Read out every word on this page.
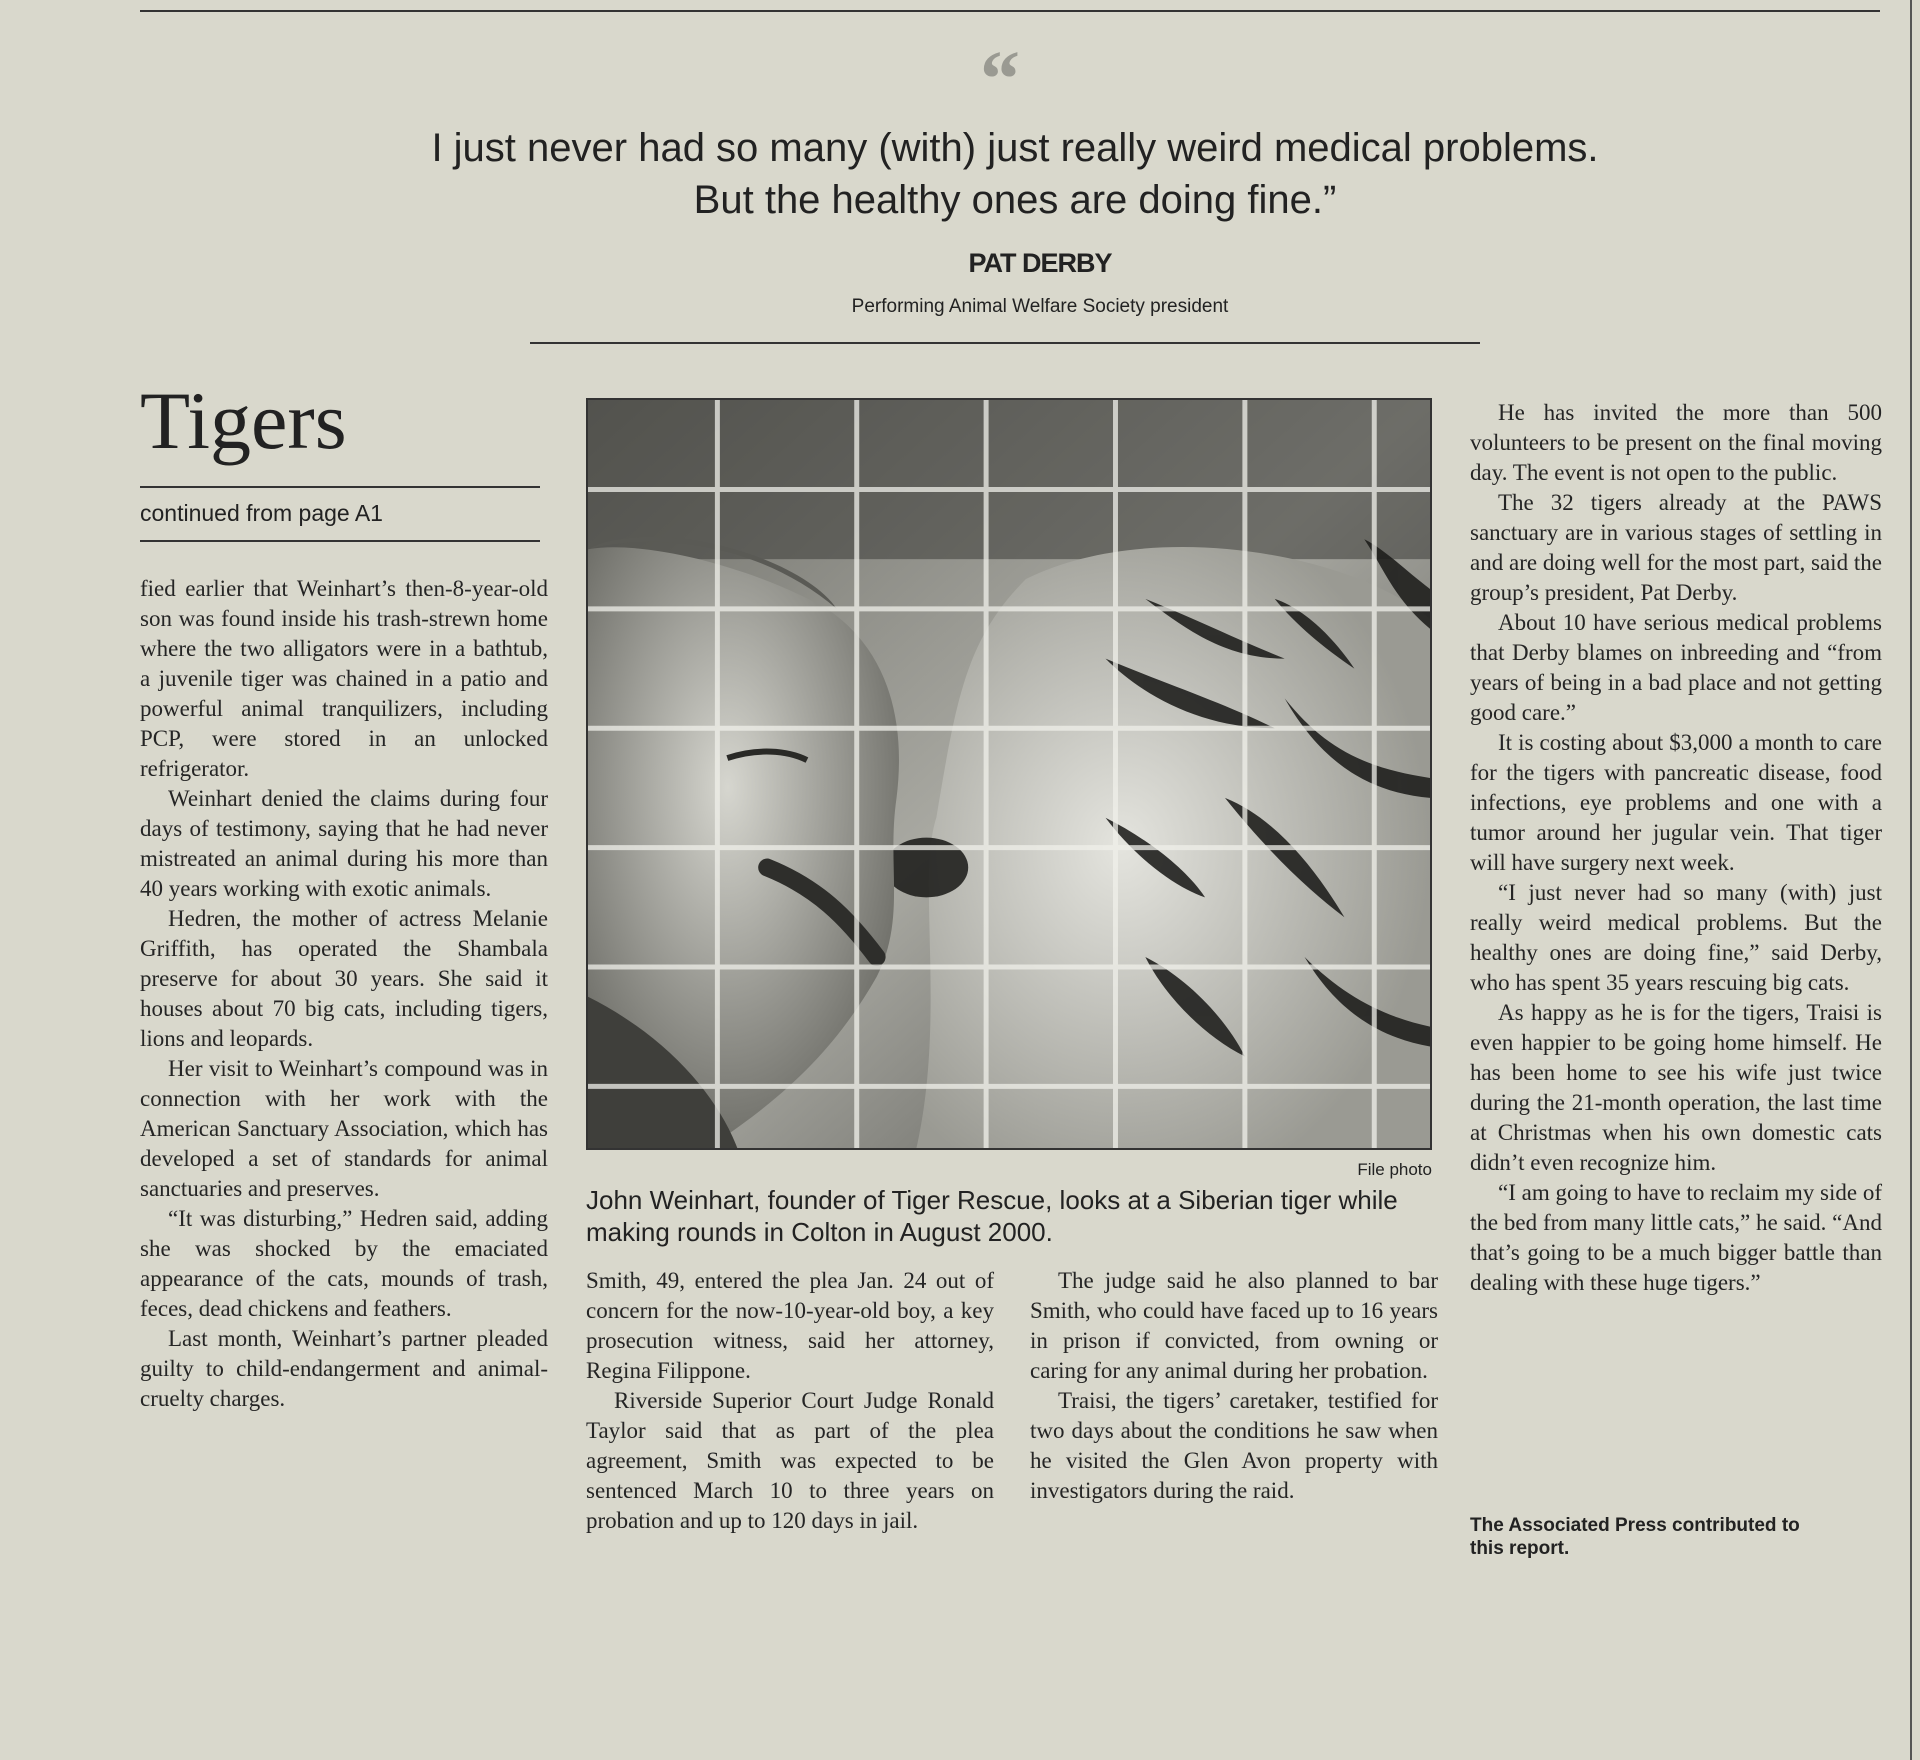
“
I just never had so many (with) just really weird medical problems.
But the healthy ones are doing fine.”
PAT DERBY
Performing Animal Welfare Society president
Tigers
continued from page A1

fied earlier that Weinhart’s then-8-year-old son was found inside his trash-strewn home where the two alligators were in a bathtub, a juvenile tiger was chained in a patio and powerful animal tranquilizers, including PCP, were stored in an unlocked refrigerator.

Weinhart denied the claims during four days of testimony, saying that he had never mistreated an animal during his more than 40 years working with exotic animals.

Hedren, the mother of actress Melanie Griffith, has operated the Shambala preserve for about 30 years. She said it houses about 70 big cats, including tigers, lions and leopards.

Her visit to Weinhart’s compound was in connection with her work with the American Sanctuary Association, which has developed a set of standards for animal sanctuaries and preserves.

“It was disturbing,” Hedren said, adding she was shocked by the emaciated appearance of the cats, mounds of trash, feces, dead chickens and feathers.

Last month, Weinhart’s partner pleaded guilty to child-endangerment and animal-cruelty charges.

File photo
John Weinhart, founder of Tiger Rescue, looks at a Siberian tiger while making rounds in Colton in August 2000.

Smith, 49, entered the plea Jan. 24 out of concern for the now-10-year-old boy, a key prosecution witness, said her attorney, Regina Filippone.

Riverside Superior Court Judge Ronald Taylor said that as part of the plea agreement, Smith was expected to be sentenced March 10 to three years on probation and up to 120 days in jail.

The judge said he also planned to bar Smith, who could have faced up to 16 years in prison if convicted, from owning or caring for any animal during her probation.

Traisi, the tigers’ caretaker, testified for two days about the conditions he saw when he visited the Glen Avon property with investigators during the raid.

He has invited the more than 500 volunteers to be present on the final moving day. The event is not open to the public.

The 32 tigers already at the PAWS sanctuary are in various stages of settling in and are doing well for the most part, said the group’s president, Pat Derby.

About 10 have serious medical problems that Derby blames on inbreeding and “from years of being in a bad place and not getting good care.”

It is costing about $3,000 a month to care for the tigers with pancreatic disease, food infections, eye problems and one with a tumor around her jugular vein. That tiger will have surgery next week.

“I just never had so many (with) just really weird medical problems. But the healthy ones are doing fine,” said Derby, who has spent 35 years rescuing big cats.

As happy as he is for the tigers, Traisi is even happier to be going home himself. He has been home to see his wife just twice during the 21-month operation, the last time at Christmas when his own domestic cats didn’t even recognize him.

“I am going to have to reclaim my side of the bed from many little cats,” he said. “And that’s going to be a much bigger battle than dealing with these huge tigers.”

The Associated Press contributed to this report.
